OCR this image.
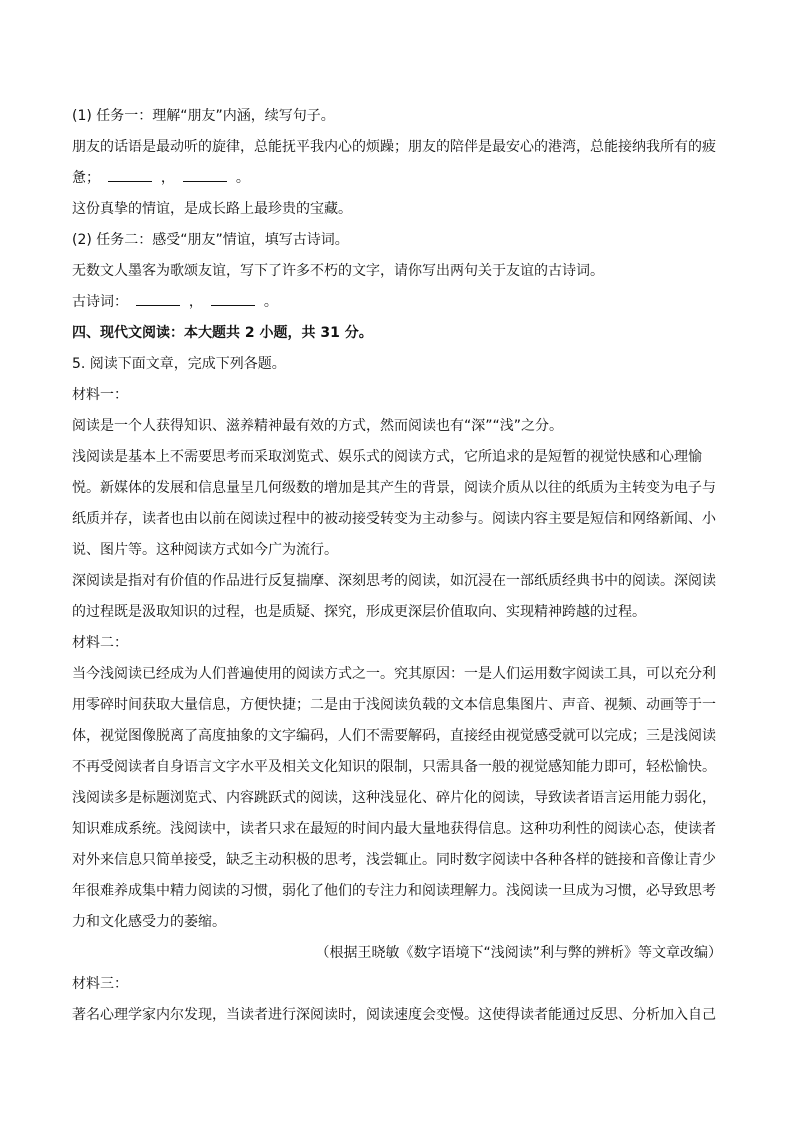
(1) 任务一：理解“朋友”内涵，续写句子。
朋友的话语是最动听的旋律，总能抚平我内心的烦躁；朋友的陪伴是最安心的港湾，总能接纳我所有的疲
惫；	，	。
这份真挚的情谊，是成长路上最珍贵的宝藏。
(2) 任务二：感受“朋友”情谊，填写古诗词。
无数文人墨客为歌颂友谊，写下了许多不朽的文字，请你写出两句关于友谊的古诗词。
古诗词：	，	。
四、现代文阅读：本大题共 2 小题，共 31 分。
5. 阅读下面文章，完成下列各题。
材料一：
阅读是一个人获得知识、滋养精神最有效的方式，然而阅读也有“深”“浅”之分。
浅阅读是基本上不需要思考而采取浏览式、娱乐式的阅读方式，它所追求的是短暂的视觉快感和心理愉
悦。新媒体的发展和信息量呈几何级数的增加是其产生的背景，阅读介质从以往的纸质为主转变为电子与
纸质并存，读者也由以前在阅读过程中的被动接受转变为主动参与。阅读内容主要是短信和网络新闻、小
说、图片等。这种阅读方式如今广为流行。
深阅读是指对有价值的作品进行反复揣摩、深刻思考的阅读，如沉浸在一部纸质经典书中的阅读。深阅读
的过程既是汲取知识的过程，也是质疑、探究，形成更深层价值取向、实现精神跨越的过程。
材料二：
当今浅阅读已经成为人们普遍使用的阅读方式之一。究其原因：一是人们运用数字阅读工具，可以充分利
用零碎时间获取大量信息，方便快捷；二是由于浅阅读负载的文本信息集图片、声音、视频、动画等于一
体，视觉图像脱离了高度抽象的文字编码，人们不需要解码，直接经由视觉感受就可以完成；三是浅阅读
不再受阅读者自身语言文字水平及相关文化知识的限制，只需具备一般的视觉感知能力即可，轻松愉快。
浅阅读多是标题浏览式、内容跳跃式的阅读，这种浅显化、碎片化的阅读，导致读者语言运用能力弱化，
知识难成系统。浅阅读中，读者只求在最短的时间内最大量地获得信息。这种功利性的阅读心态，使读者
对外来信息只简单接受，缺乏主动积极的思考，浅尝辄止。同时数字阅读中各种各样的链接和音像让青少
年很难养成集中精力阅读的习惯，弱化了他们的专注力和阅读理解力。浅阅读一旦成为习惯，必导致思考
力和文化感受力的萎缩。
（根据王晓敏《数字语境下“浅阅读”利与弊的辨析》等文章改编）
材料三：
著名心理学家内尔发现，当读者进行深阅读时，阅读速度会变慢。这使得读者能通过反思、分析加入自己
